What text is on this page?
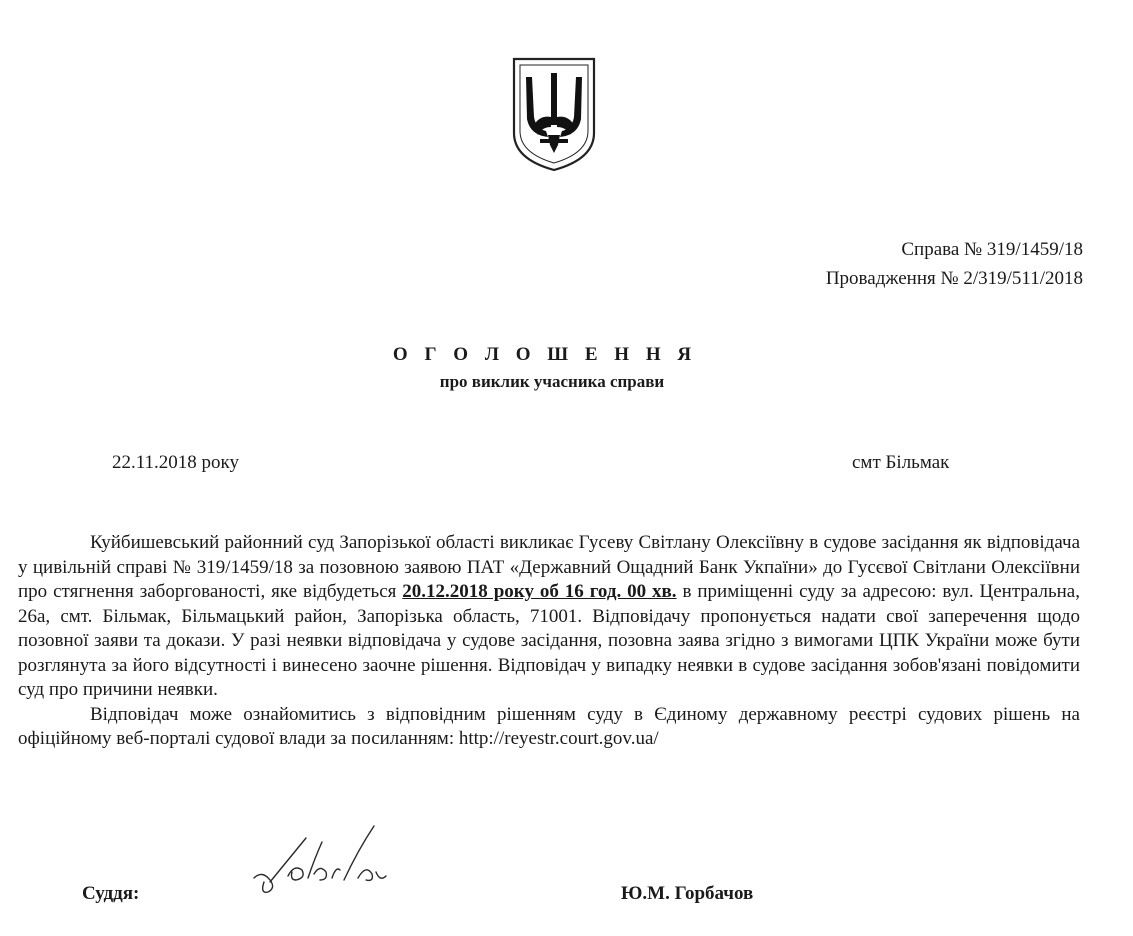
Справа № 319/1459/18
Провадження № 2/319/511/2018
О Г О Л О Ш Е Н Н Я
про виклик учасника справи
22.11.2018 року	смт Більмак

Куйбишевський районний суд Запорізької області викликає Гусеву Світлану Олексіївну в судове засідання як відповідача у цивільній справі № 319/1459/18 за позовною заявою ПАТ «Державний Ощадний Банк Укпаїни» до Гусєвої Світлани Олексіївни про стягнення заборгованості, яке відбудеться 20.12.2018 року об 16 год. 00 хв. в приміщенні суду за адресою: вул. Центральна, 26а, смт. Більмак, Більмацький район, Запорізька область, 71001. Відповідачу пропонується надати свої заперечення щодо позовної заяви та докази. У разі неявки відповідача у судове засідання, позовна заява згідно з вимогами ЦПК України може бути розглянута за його відсутності і винесено заочне рішення. Відповідач у випадку неявки в судове засідання зобов'язані повідомити суд про причини неявки.

Відповідач може ознайомитись з відповідним рішенням суду в Єдиному державному реєстрі судових рішень на офіційному веб-порталі судової влади за посиланням: http://reyestr.court.gov.ua/

Суддя:	Ю.М. Горбачов
